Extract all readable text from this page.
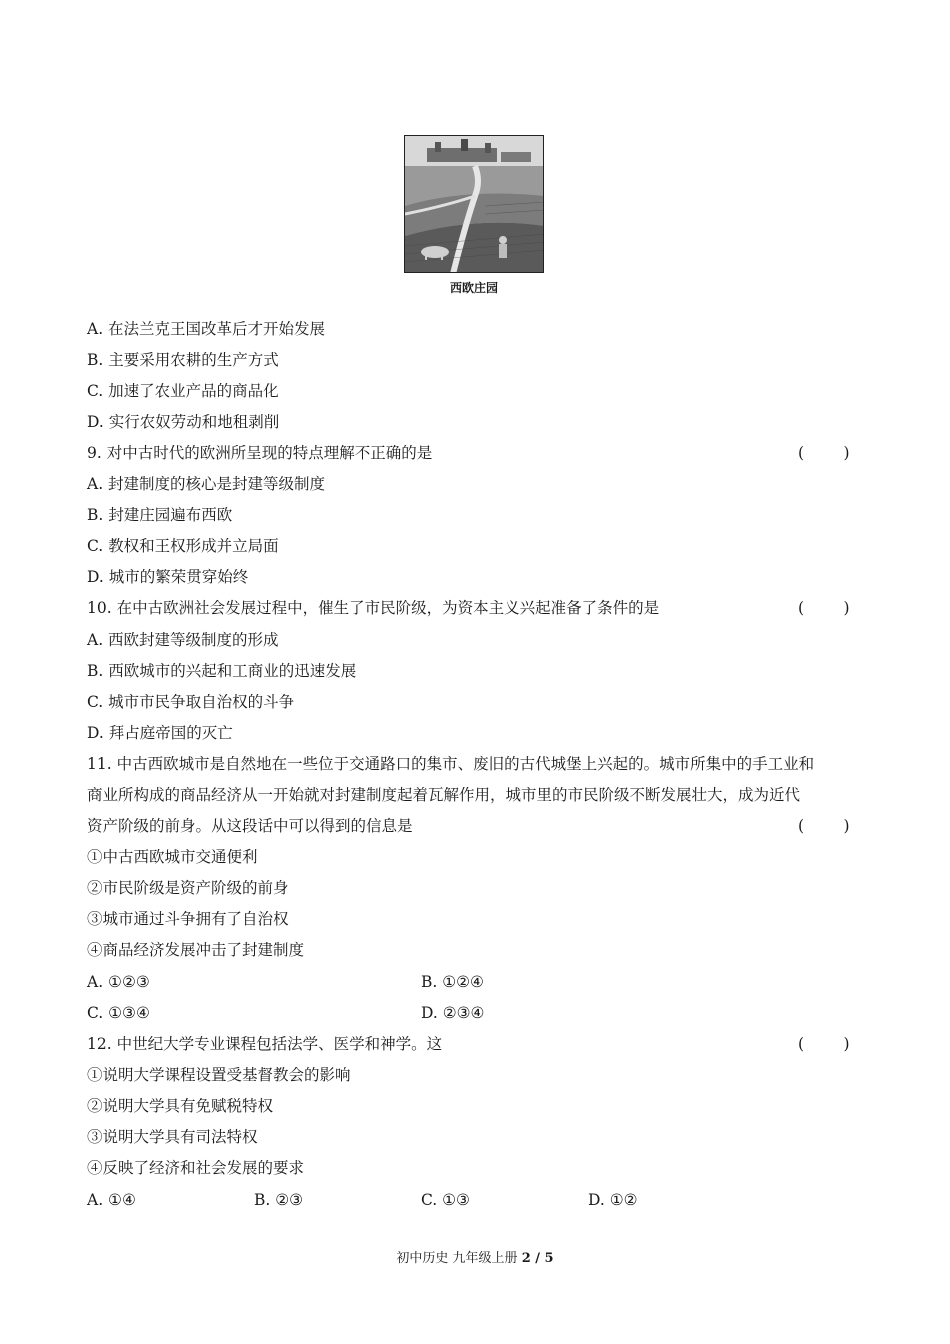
西欧庄园
A. 在法兰克王国改革后才开始发展
B. 主要采用农耕的生产方式
C. 加速了农业产品的商品化
D. 实行农奴劳动和地租剥削
9. 对中古时代的欧洲所呈现的特点理解不正确的是	(        )
A. 封建制度的核心是封建等级制度
B. 封建庄园遍布西欧
C. 教权和王权形成并立局面
D. 城市的繁荣贯穿始终
10. 在中古欧洲社会发展过程中，催生了市民阶级，为资本主义兴起准备了条件的是	(        )
A. 西欧封建等级制度的形成
B. 西欧城市的兴起和工商业的迅速发展
C. 城市市民争取自治权的斗争
D. 拜占庭帝国的灭亡
11. 中古西欧城市是自然地在一些位于交通路口的集市、废旧的古代城堡上兴起的。城市所集中的手工业和
商业所构成的商品经济从一开始就对封建制度起着瓦解作用，城市里的市民阶级不断发展壮大，成为近代
资产阶级的前身。从这段话中可以得到的信息是	(        )
①中古西欧城市交通便利
②市民阶级是资产阶级的前身
③城市通过斗争拥有了自治权
④商品经济发展冲击了封建制度
A. ①②③	B. ①②④
C. ①③④	D. ②③④
12. 中世纪大学专业课程包括法学、医学和神学。这	(        )
①说明大学课程设置受基督教会的影响
②说明大学具有免赋税特权
③说明大学具有司法特权
④反映了经济和社会发展的要求
A. ①④	B. ②③	C. ①③	D. ①②
初中历史 九年级上册 2 / 5
